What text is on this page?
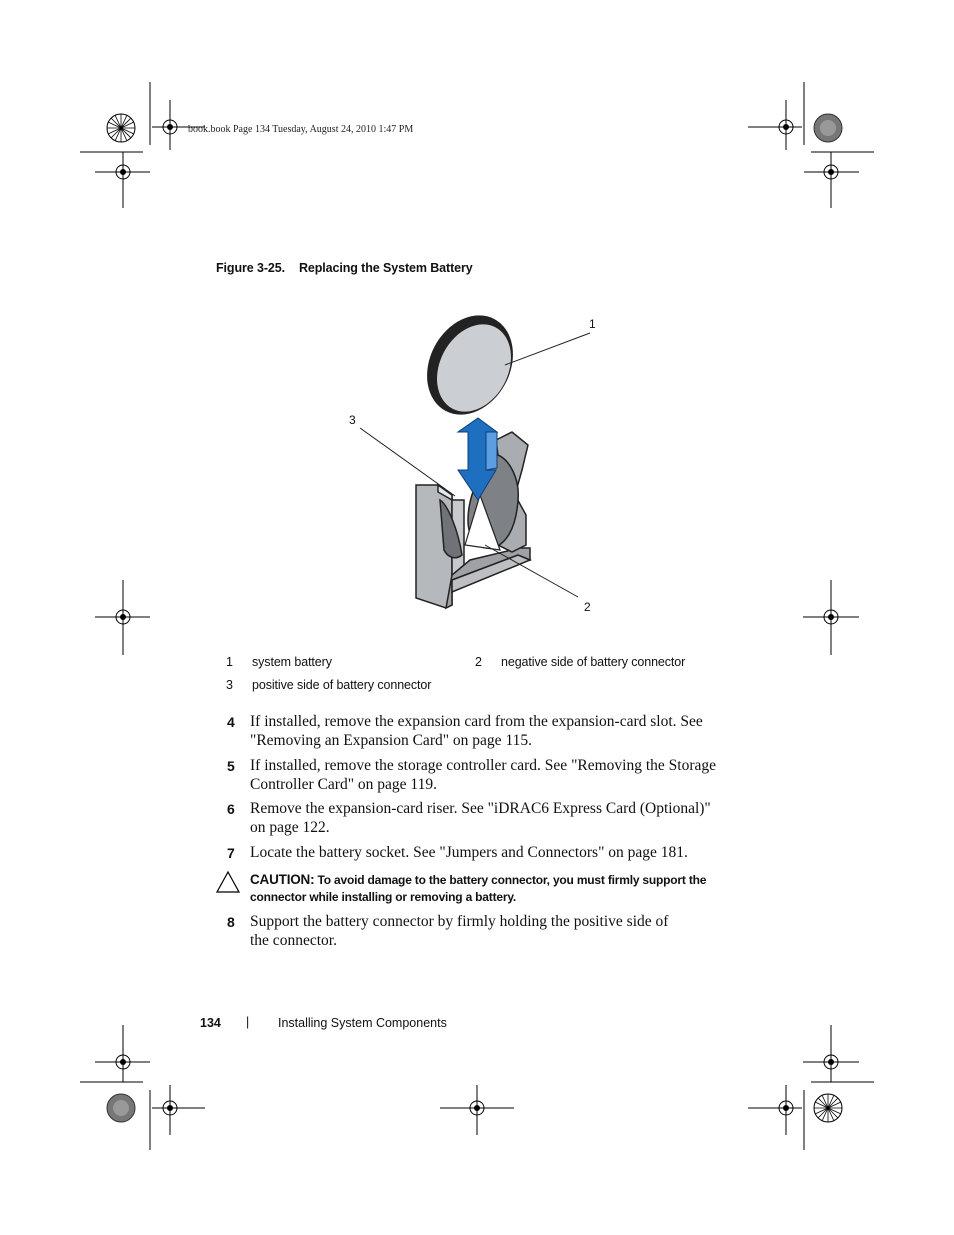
book.book Page 134 Tuesday, August 24, 2010 1:47 PM
Figure 3-25. Replacing the System Battery
1
2
3
1 system battery	2 negative side of battery connector
3 positive side of battery connector
4 If installed, remove the expansion card from the expansion-card slot. See "Removing an Expansion Card" on page 115.
5 If installed, remove the storage controller card. See "Removing the Storage Controller Card" on page 119.
6 Remove the expansion-card riser. See "iDRAC6 Express Card (Optional)" on page 122.
7 Locate the battery socket. See "Jumpers and Connectors" on page 181.
CAUTION: To avoid damage to the battery connector, you must firmly support the connector while installing or removing a battery.
8 Support the battery connector by firmly holding the positive side of the connector.
134 | Installing System Components
